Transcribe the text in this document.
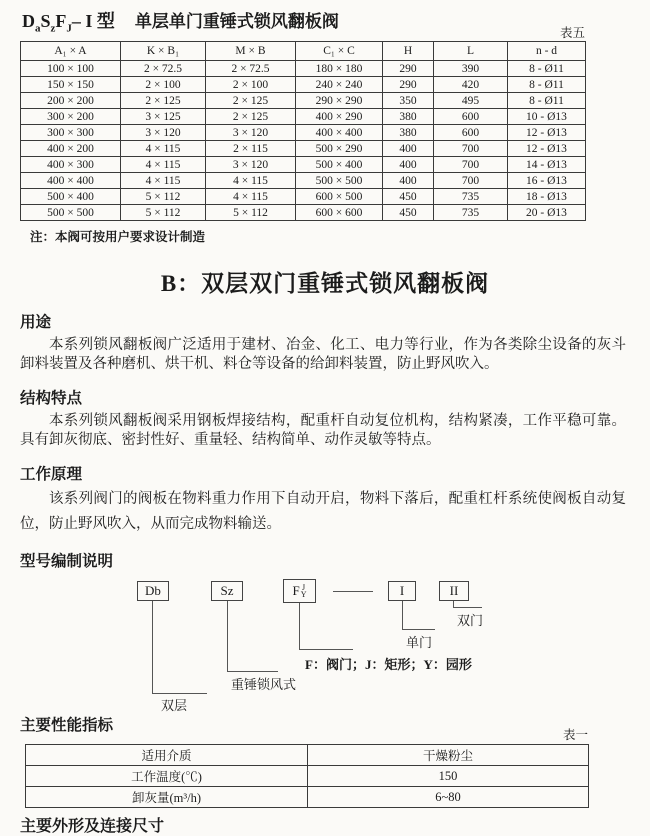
$D_aS_zF_J-$ I 型 单层单门重锤式锁风翻板阀
表五
A₁ × A	K × B₁	M × B	C₁ × C	H	L	n - d
100 × 100	2 × 72.5	2 × 72.5	180 × 180	290	390	8 - Ø11
150 × 150	2 × 100	2 × 100	240 × 240	290	420	8 - Ø11
200 × 200	2 × 125	2 × 125	290 × 290	350	495	8 - Ø11
300 × 200	3 × 125	2 × 125	400 × 290	380	600	10 - Ø13
300 × 300	3 × 120	3 × 120	400 × 400	380	600	12 - Ø13
400 × 200	4 × 115	2 × 115	500 × 290	400	700	12 - Ø13
400 × 300	4 × 115	3 × 120	500 × 400	400	700	14 - Ø13
400 × 400	4 × 115	4 × 115	500 × 500	400	700	16 - Ø13
500 × 400	5 × 112	4 × 115	600 × 500	450	735	18 - Ø13
500 × 500	5 × 112	5 × 112	600 × 600	450	735	20 - Ø13
注：本阀可按用户要求设计制造
B：双层双门重锤式锁风翻板阀
用途
本系列锁风翻板阀广泛适用于建材、冶金、化工、电力等行业，作为各类除尘设备的灰斗卸料装置及各种磨机、烘干机、料仓等设备的给卸料装置，防止野风吹入。
结构特点
本系列锁风翻板阀采用钢板焊接结构，配重杆自动复位机构，结构紧凑，工作平稳可靠。具有卸灰彻底、密封性好、重量轻、结构简单、动作灵敏等特点。
工作原理
该系列阀门的阀板在物料重力作用下自动开启，物料下落后，配重杠杆系统使阀板自动复位，防止野风吹入，从而完成物料输送。
型号编制说明
Db	Sz	F J
Y	I	II
双门
单门
F：阀门；J：矩形；Y：园形
重锤锁风式
双层
主要性能指标
表一
适用介质	干燥粉尘
工作温度(℃)	150
卸灰量(m³/h)	6~80
主要外形及连接尺寸
